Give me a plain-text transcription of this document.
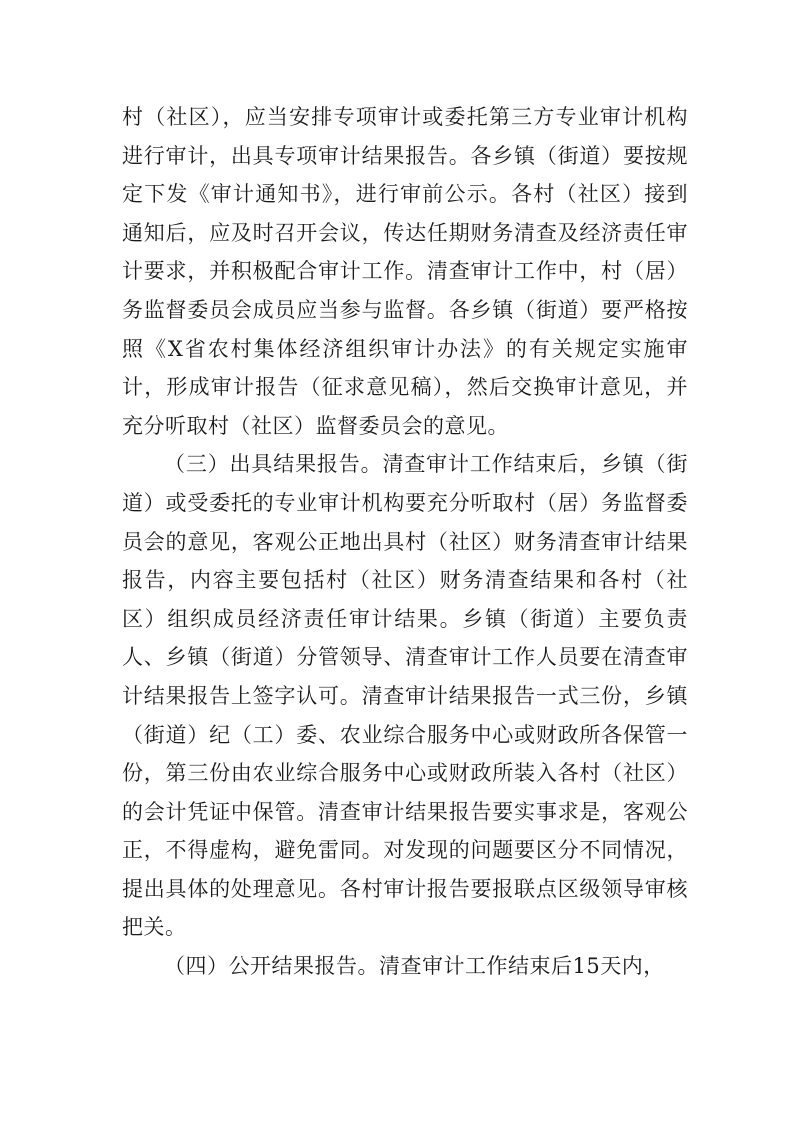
村（社区），应当安排专项审计或委托第三方专业审计机构进行审计，出具专项审计结果报告。各乡镇（街道）要按规定下发《审计通知书》，进行审前公示。各村（社区）接到通知后，应及时召开会议，传达任期财务清查及经济责任审计要求，并积极配合审计工作。清查审计工作中，村（居）务监督委员会成员应当参与监督。各乡镇（街道）要严格按照《X省农村集体经济组织审计办法》的有关规定实施审计，形成审计报告（征求意见稿），然后交换审计意见，并充分听取村（社区）监督委员会的意见。

（三）出具结果报告。清查审计工作结束后，乡镇（街道）或受委托的专业审计机构要充分听取村（居）务监督委员会的意见，客观公正地出具村（社区）财务清查审计结果报告，内容主要包括村（社区）财务清查结果和各村（社区）组织成员经济责任审计结果。乡镇（街道）主要负责人、乡镇（街道）分管领导、清查审计工作人员要在清查审计结果报告上签字认可。清查审计结果报告一式三份，乡镇（街道）纪（工）委、农业综合服务中心或财政所各保管一份，第三份由农业综合服务中心或财政所装入各村（社区）的会计凭证中保管。清查审计结果报告要实事求是，客观公正，不得虚构，避免雷同。对发现的问题要区分不同情况，提出具体的处理意见。各村审计报告要报联点区级领导审核把关。

（四）公开结果报告。清查审计工作结束后15天内，
